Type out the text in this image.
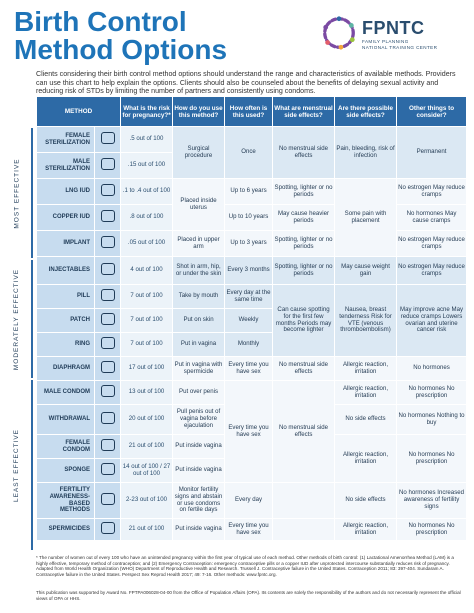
Birth Control
Method Options
FPNTC
FAMILY PLANNING
NATIONAL TRAINING CENTER
Clients considering their birth control method options should understand the range and characteristics of available methods. Providers can use this chart to help explain the options. Clients should also be counseled about the benefits of delaying sexual activity and reducing risk of STDs by limiting the number of partners and consistently using condoms.
MOST EFFECTIVE
MODERATELY EFFECTIVE
LEAST EFFECTIVE
METHOD		What is the risk for pregnancy?*	How do you use this method?	How often is this used?	What are menstrual side effects?	Are there possible side effects?	Other things to consider?
FEMALE STERILIZATION		.5 out of 100	Surgical procedure	Once	No menstrual side effects	Pain, bleeding, risk of infection	Permanent
MALE STERILIZATION		.15 out of 100					
LNG IUD		.1 to .4 out of 100	Placed inside uterus	Up to 6 years	Spotting, lighter or no periods	Some pain with placement	No estrogen May reduce cramps
COPPER IUD		.8 out of 100		Up to 10 years	May cause heavier periods		No hormones May cause cramps
IMPLANT		.05 out of 100	Placed in upper arm	Up to 3 years	Spotting, lighter or no periods		No estrogen May reduce cramps
INJECTABLES		4 out of 100	Shot in arm, hip, or under the skin	Every 3 months	Spotting, lighter or no periods	May cause weight gain	No estrogen May reduce cramps
PILL		7 out of 100	Take by mouth	Every day at the same time	Can cause spotting for the first few months Periods may become lighter	Nausea, breast tenderness Risk for VTE (venous thromboembolism)	May improve acne May reduce cramps Lowers ovarian and uterine cancer risk
PATCH		7 out of 100	Put on skin	Weekly			
RING		7 out of 100	Put in vagina	Monthly			
DIAPHRAGM		17 out of 100	Put in vagina with spermicide	Every time you have sex	No menstrual side effects	Allergic reaction, irritation	No hormones
MALE CONDOM		13 out of 100	Put over penis	Every time you have sex	No menstrual side effects	Allergic reaction, irritation	No hormones No prescription
WITHDRAWAL		20 out of 100	Pull penis out of vagina before ejaculation			No side effects	No hormones Nothing to buy
FEMALE CONDOM		21 out of 100	Put inside vagina			Allergic reaction, irritation	No hormones No prescription
SPONGE		14 out of 100 / 27 out of 100	Put inside vagina				
FERTILITY AWARENESS-BASED METHODS		2-23 out of 100	Monitor fertility signs and abstain or use condoms on fertile days	Every day		No side effects	No hormones Increased awareness of fertility signs
SPERMICIDES		21 out of 100	Put inside vagina	Every time you have sex		Allergic reaction, irritation	No hormones No prescription
* The number of women out of every 100 who have an unintended pregnancy within the first year of typical use of each method. Other methods of birth control: (1) Lactational Amenorrhea Method (LAM) is a highly effective, temporary method of contraception; and (2) Emergency Contraception: emergency contraceptive pills or a copper IUD after unprotected intercourse substantially reduces risk of pregnancy. Adapted from World Health Organization (WHO) Department of Reproductive Health and Research. Trussell J. Contraceptive failure in the United States. Contraception 2011; 83: 397-404. Sundaram A. Contraceptive failure in the United States. Perspect Sex Reprod Health 2017; 49: 7-16. Other methods: www.fpntc.org.
This publication was supported by Award No. FPTPA006028-04-00 from the Office of Population Affairs (OPA). Its contents are solely the responsibility of the authors and do not necessarily represent the official views of OPA or HHS.
